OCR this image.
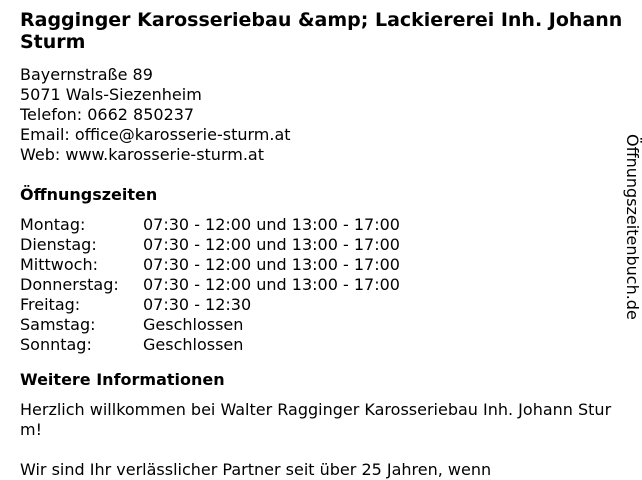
Ragginger Karosseriebau &amp; Lackiererei Inh. Johann Sturm
Bayernstraße 89
5071 Wals-Siezenheim
Telefon: 0662 850237
Email: office@karosserie-sturm.at
Web: www.karosserie-sturm.at
Öffnungszeiten
Montag:	07:30 - 12:00 und 13:00 - 17:00
Dienstag:	07:30 - 12:00 und 13:00 - 17:00
Mittwoch:	07:30 - 12:00 und 13:00 - 17:00
Donnerstag:	07:30 - 12:00 und 13:00 - 17:00
Freitag:	07:30 - 12:30
Samstag:	Geschlossen
Sonntag:	Geschlossen
Weitere Informationen
Herzlich willkommen bei Walter Ragginger Karosseriebau Inh. Johann Sturm!
Wir sind Ihr verlässlicher Partner seit über 25 Jahren, wenn
Öffnungszeitenbuch.de
